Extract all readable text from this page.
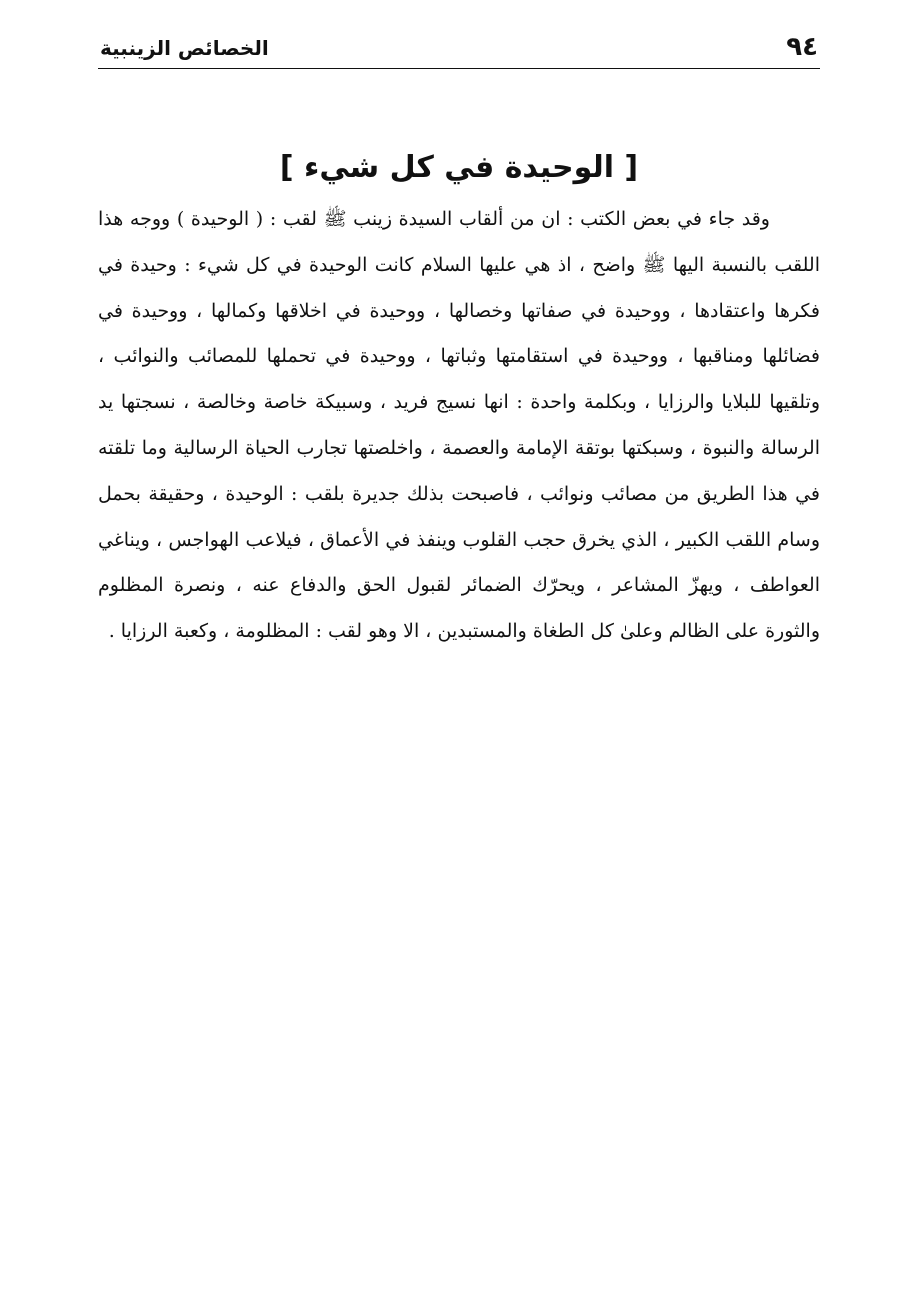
٩٤
الخصائص الزينبية
[ الوحيدة في كل شيء ]

وقد جاء في بعض الكتب : ان من ألقاب السيدة زينب ﷺ لقب : ( الوحيدة ) ووجه هذا اللقب بالنسبة اليها ﷺ واضح ، اذ هي عليها السلام كانت الوحيدة في كل شيء : وحيدة في فكرها واعتقادها ، ووحيدة في صفاتها وخصالها ، ووحيدة في اخلاقها وكمالها ، ووحيدة في فضائلها ومناقبها ، ووحيدة في استقامتها وثباتها ، ووحيدة في تحملها للمصائب والنوائب ، وتلقيها للبلايا والرزايا ، وبكلمة واحدة : انها نسيج فريد ، وسبيكة خاصة وخالصة ، نسجتها يد الرسالة والنبوة ، وسبكتها بوتقة الإمامة والعصمة ، واخلصتها تجارب الحياة الرسالية وما تلقته في هذا الطريق من مصائب ونوائب ، فاصبحت بذلك جديرة بلقب : الوحيدة ، وحقيقة بحمل وسام اللقب الكبير ، الذي يخرق حجب القلوب وينفذ في الأعماق ، فيلاعب الهواجس ، ويناغي العواطف ، ويهزّ المشاعر ، ويحرّك الضمائر لقبول الحق والدفاع عنه ، ونصرة المظلوم والثورة على الظالم وعلىٰ كل الطغاة والمستبدين ، الا وهو لقب : المظلومة ، وكعبة الرزايا .
